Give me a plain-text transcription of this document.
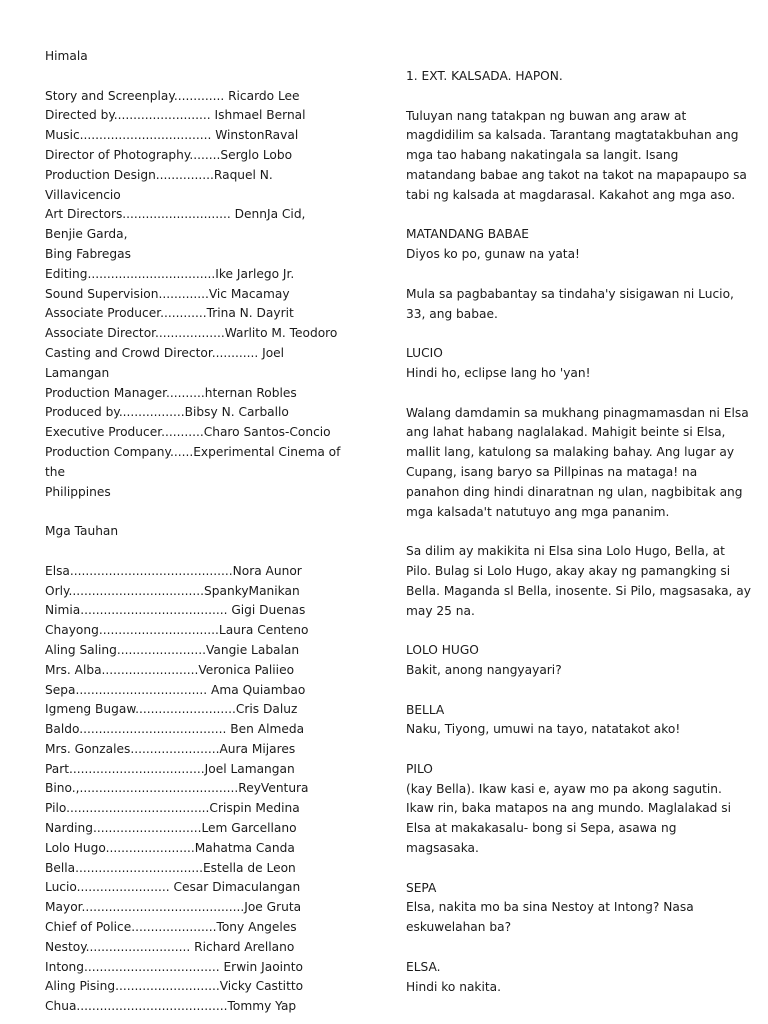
Himala

Story and Screenplay............. Ricardo Lee

Directed by......................... Ishmael Bernal

Music.................................. WinstonRaval

Director of Photography........Serglo Lobo

Production Design...............Raquel N. Villavicencio

Art Directors............................ DennJa Cid, Benjie Garda,

Bing Fabregas

Editing.................................Ike Jarlego Jr.

Sound Supervision.............Vic Macamay

Associate Producer............Trina N. Dayrit

Associate Director..................Warlito M. Teodoro

Casting and Crowd Director............ Joel Lamangan

Production Manager..........hternan Robles

Produced by.................Bibsy N. Carballo

Executive Producer...........Charo Santos-Concio

Production Company......Experimental Cinema of the

Philippines

Mga Tauhan

Elsa..........................................Nora Aunor

Orly...................................SpankyManikan

Nimia...................................... Gigi Duenas

Chayong...............................Laura Centeno

Aling Saling.......................Vangie Labalan

Mrs. Alba.........................Veronica Paliieo

Sepa.................................. Ama Quiambao

Igmeng Bugaw..........................Cris Daluz

Baldo...................................... Ben Almeda

Mrs. Gonzales.......................Aura Mijares

Part...................................Joel Lamangan

Bino.,.........................................ReyVentura

Pilo.....................................Crispin Medina

Narding............................Lem Garcellano

Lolo Hugo.......................Mahatma Canda

Bella.................................Estella de Leon

Lucio........................ Cesar Dimaculangan

Mayor..........................................Joe Gruta

Chief of Police......................Tony Angeles

Nestoy........................... Richard Arellano

Intong................................... Erwin Jaointo

Aling Pising...........................Vicky Castitto

Chua.......................................Tommy Yap

1. EXT. KALSADA. HAPON.

Tuluyan nang tatakpan ng buwan ang araw at magdidilim sa kalsada. Tarantang magtatakbuhan ang mga tao habang nakatingala sa langit. Isang matandang babae ang takot na takot na mapapaupo sa tabi ng kalsada at magdarasal. Kakahot ang mga aso.

MATANDANG BABAE

Diyos ko po, gunaw na yata!

Mula sa pagbabantay sa tindaha'y sisigawan ni Lucio, 33, ang babae.

LUCIO

Hindi ho, eclipse lang ho 'yan!

Walang damdamin sa mukhang pinagmamasdan ni Elsa ang lahat habang naglalakad. Mahigit beinte si Elsa, mallit lang, katulong sa malaking bahay. Ang lugar ay Cupang, isang baryo sa Pillpinas na mataga! na panahon ding hindi dinaratnan ng ulan, nagbibitak ang mga kalsada't natutuyo ang mga pananim.

Sa dilim ay makikita ni Elsa sina Lolo Hugo, Bella, at Pilo. Bulag si Lolo Hugo, akay akay ng pamangking si Bella. Maganda sl Bella, inosente. Si Pilo, magsasaka, ay may 25 na.

LOLO HUGO

Bakit, anong nangyayari?

BELLA

Naku, Tiyong, umuwi na tayo, natatakot ako!

PILO

(kay Bella). Ikaw kasi e, ayaw mo pa akong sagutin. Ikaw rin, baka matapos na ang mundo. Maglalakad si Elsa at makakasalu- bong si Sepa, asawa ng magsasaka.

SEPA

Elsa, nakita mo ba sina Nestoy at Intong? Nasa eskuwelahan ba?

ELSA.

Hindi ko nakita.
